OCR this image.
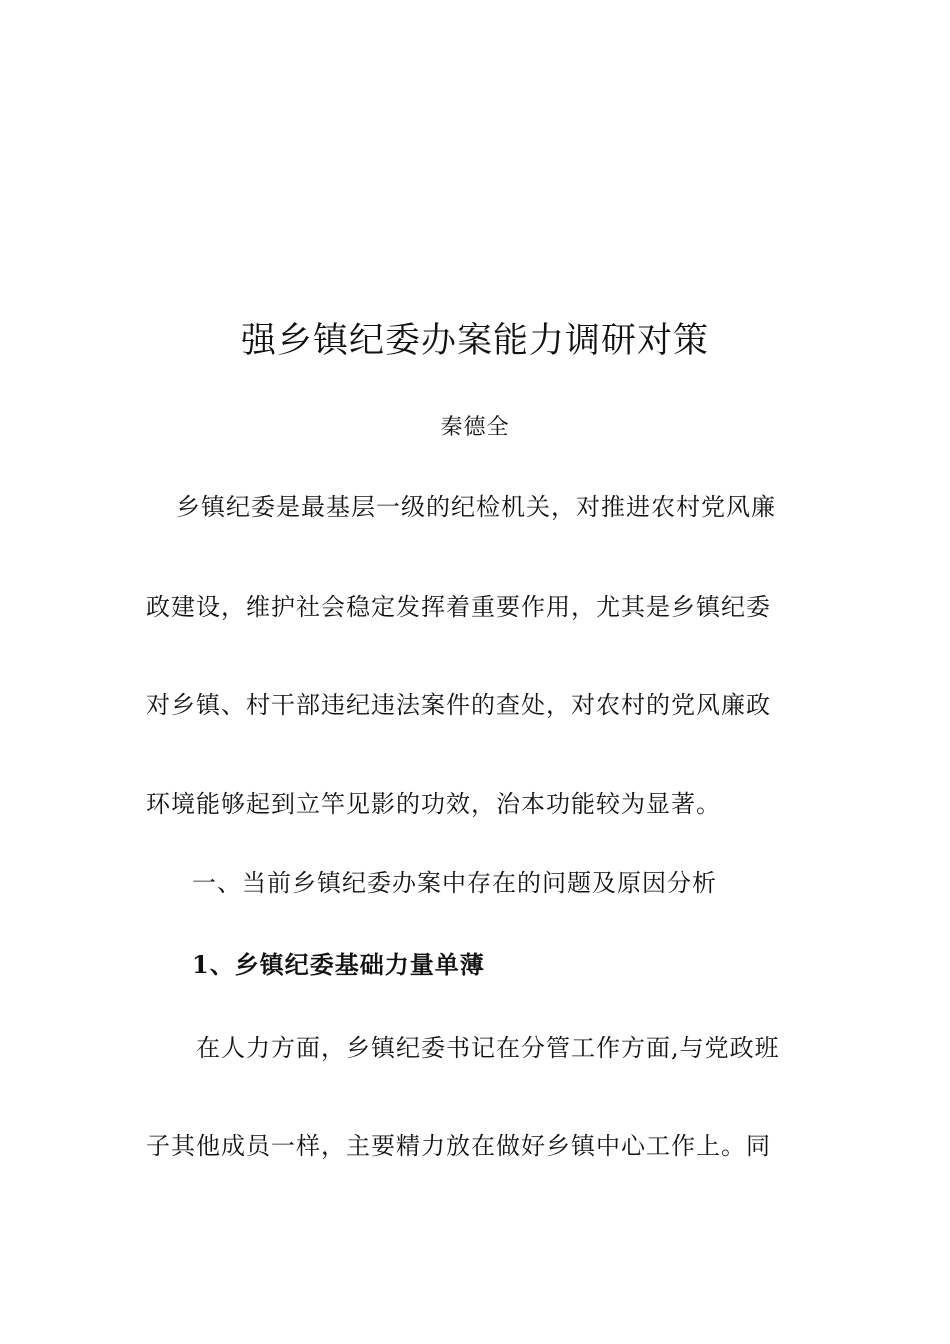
强乡镇纪委办案能力调研对策
秦德全
乡镇纪委是最基层一级的纪检机关，对推进农村党风廉
政建设，维护社会稳定发挥着重要作用，尤其是乡镇纪委
对乡镇、村干部违纪违法案件的查处，对农村的党风廉政
环境能够起到立竿见影的功效，治本功能较为显著。
一、当前乡镇纪委办案中存在的问题及原因分析
1、乡镇纪委基础力量单薄
在人力方面，乡镇纪委书记在分管工作方面,与党政班
子其他成员一样，主要精力放在做好乡镇中心工作上。同
